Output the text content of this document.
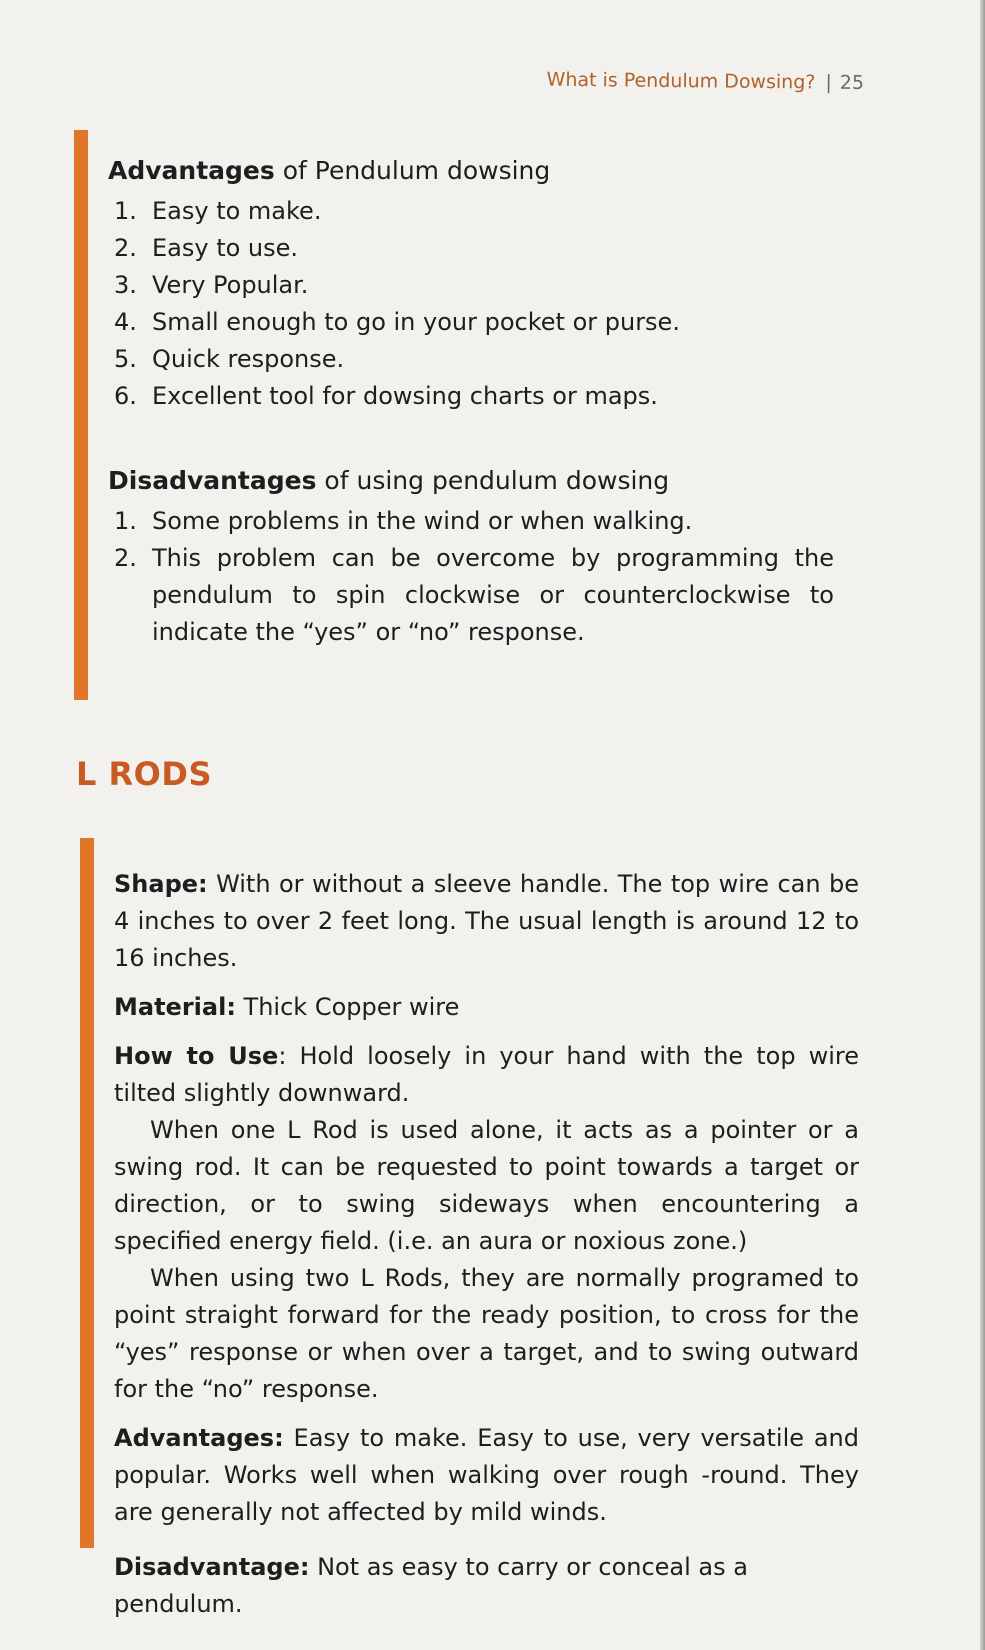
What is Pendulum Dowsing? | 25

Advantages of Pendulum dowsing

1. Easy to make.
2. Easy to use.
3. Very Popular.
4. Small enough to go in your pocket or purse.
5. Quick response.
6. Excellent tool for dowsing charts or maps.

Disadvantages of using pendulum dowsing

1. Some problems in the wind or when walking.
2. This problem can be overcome by programming the pendulum to spin clockwise or counterclockwise to indicate the “yes” or “no” response.
L RODS

Shape: With or without a sleeve handle. The top wire can be 4 inches to over 2 feet long. The usual length is around 12 to 16 inches.

Material: Thick Copper wire

How to Use: Hold loosely in your hand with the top wire tilted slightly downward.

When one L Rod is used alone, it acts as a pointer or a swing rod. It can be requested to point towards a target or direction, or to swing sideways when encountering a specified energy field. (i.e. an aura or noxious zone.)

When using two L Rods, they are normally programed to point straight forward for the ready position, to cross for the “yes” response or when over a target, and to swing outward for the “no” response.

Advantages: Easy to make. Easy to use, very versatile and popular. Works well when walking over rough -round. They are generally not affected by mild winds.

Disadvantage: Not as easy to carry or conceal as a pendulum.
